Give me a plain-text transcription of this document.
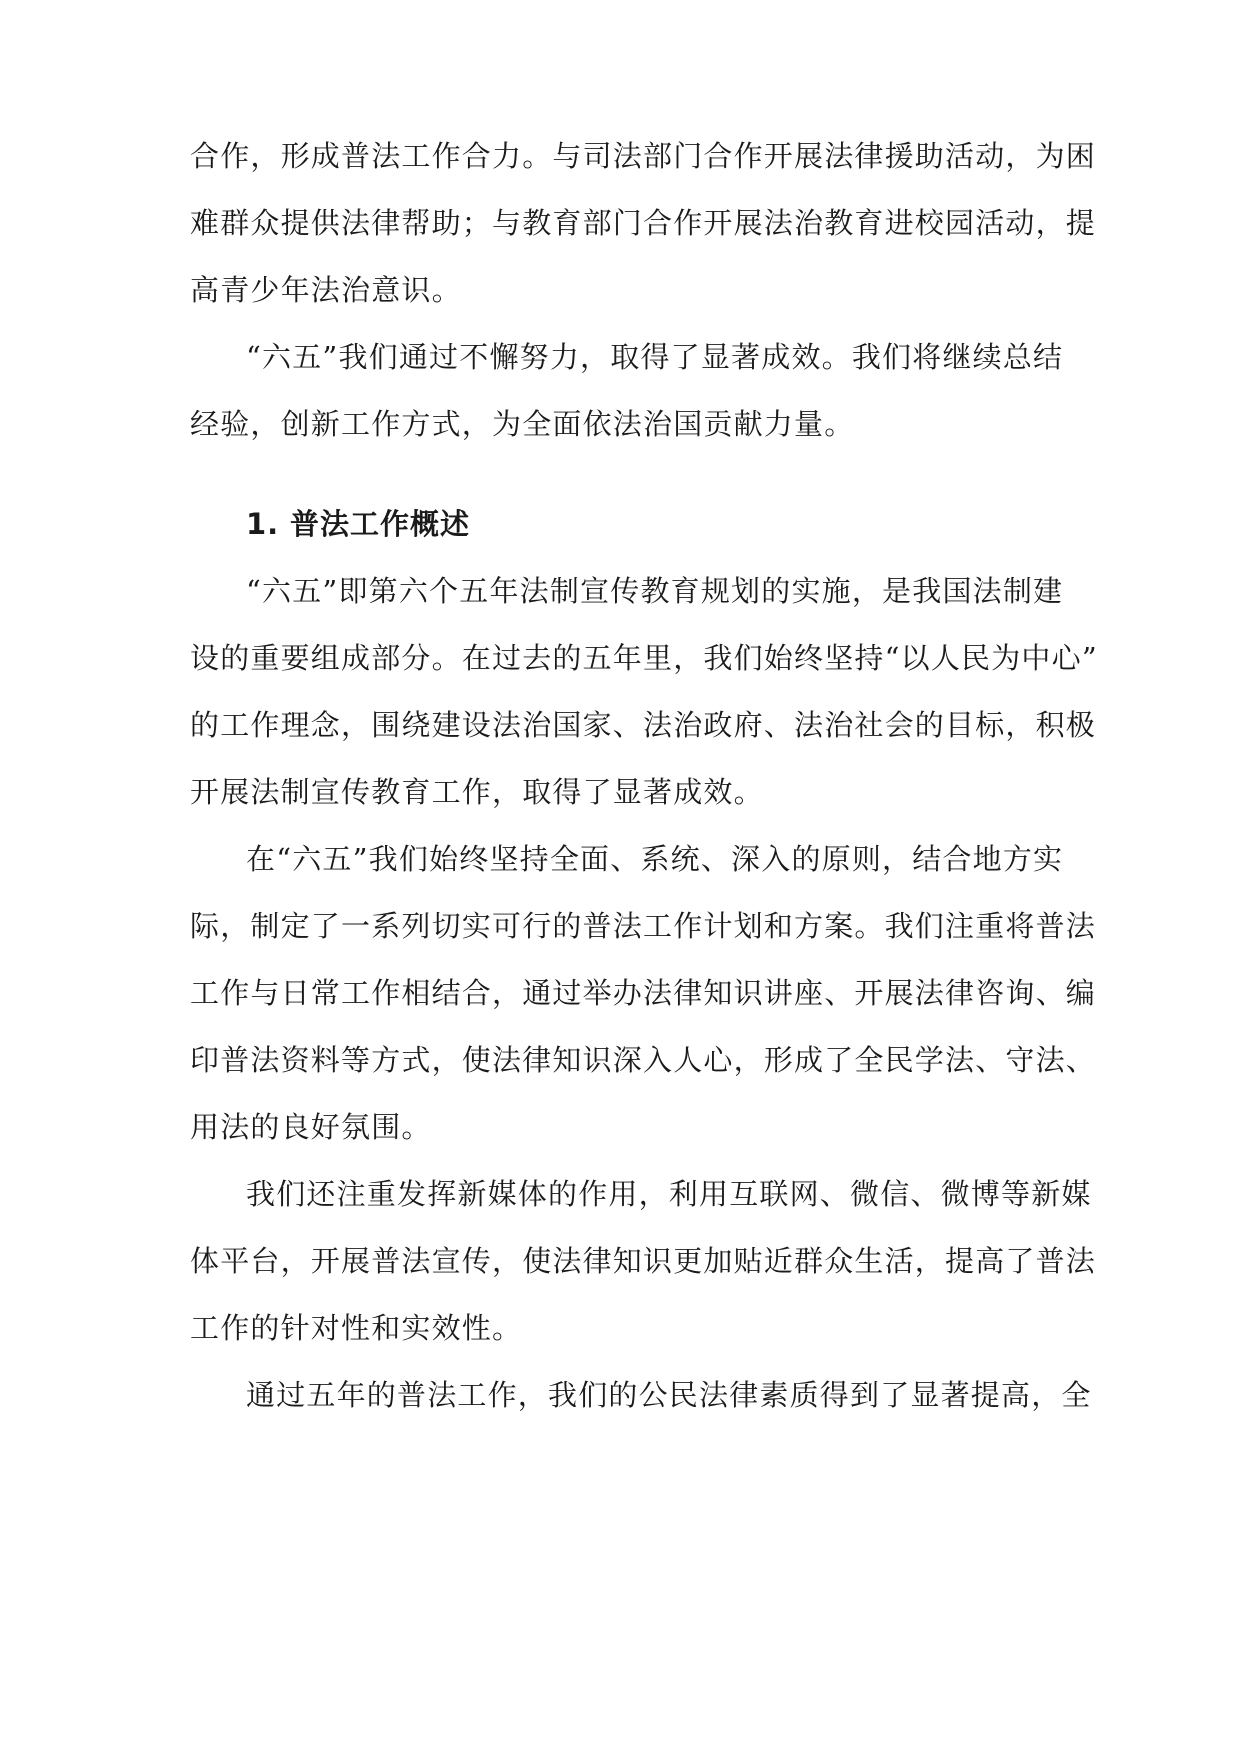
合作，形成普法工作合力。与司法部门合作开展法律援助活动，为困
难群众提供法律帮助；与教育部门合作开展法治教育进校园活动，提
高青少年法治意识。
“六五”我们通过不懈努力，取得了显著成效。我们将继续总结
经验，创新工作方式，为全面依法治国贡献力量。
1. 普法工作概述
“六五”即第六个五年法制宣传教育规划的实施，是我国法制建
设的重要组成部分。在过去的五年里，我们始终坚持“以人民为中心”
的工作理念，围绕建设法治国家、法治政府、法治社会的目标，积极
开展法制宣传教育工作，取得了显著成效。
在“六五”我们始终坚持全面、系统、深入的原则，结合地方实
际，制定了一系列切实可行的普法工作计划和方案。我们注重将普法
工作与日常工作相结合，通过举办法律知识讲座、开展法律咨询、编
印普法资料等方式，使法律知识深入人心，形成了全民学法、守法、
用法的良好氛围。
我们还注重发挥新媒体的作用，利用互联网、微信、微博等新媒
体平台，开展普法宣传，使法律知识更加贴近群众生活，提高了普法
工作的针对性和实效性。
通过五年的普法工作，我们的公民法律素质得到了显著提高，全
